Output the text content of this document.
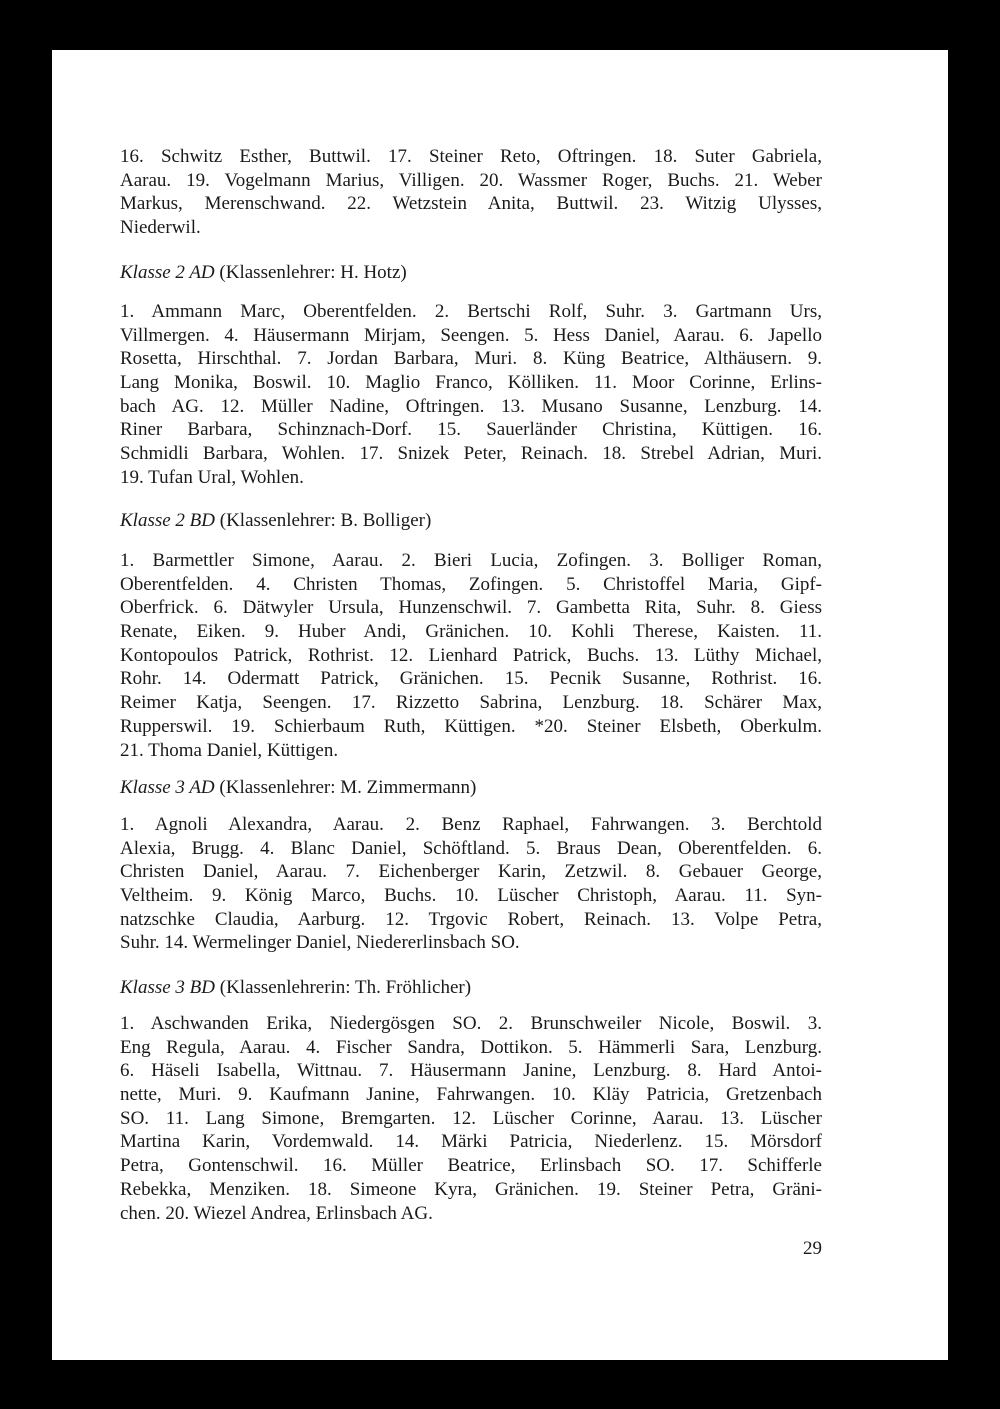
16. Schwitz Esther, Buttwil. 17. Steiner Reto, Oftringen. 18. Suter Gabriela,
Aarau. 19. Vogelmann Marius, Villigen. 20. Wassmer Roger, Buchs. 21. Weber
Markus, Merenschwand. 22. Wetzstein Anita, Buttwil. 23. Witzig Ulysses,
Niederwil.
Klasse 2 AD (Klassenlehrer: H. Hotz)
1. Ammann Marc, Oberentfelden. 2. Bertschi Rolf, Suhr. 3. Gartmann Urs,
Villmergen. 4. Häusermann Mirjam, Seengen. 5. Hess Daniel, Aarau. 6. Japello
Rosetta, Hirschthal. 7. Jordan Barbara, Muri. 8. Küng Beatrice, Althäusern. 9.
Lang Monika, Boswil. 10. Maglio Franco, Kölliken. 11. Moor Corinne, Erlins-
bach AG. 12. Müller Nadine, Oftringen. 13. Musano Susanne, Lenzburg. 14.
Riner Barbara, Schinznach-Dorf. 15. Sauerländer Christina, Küttigen. 16.
Schmidli Barbara, Wohlen. 17. Snizek Peter, Reinach. 18. Strebel Adrian, Muri.
19. Tufan Ural, Wohlen.
Klasse 2 BD (Klassenlehrer: B. Bolliger)
1. Barmettler Simone, Aarau. 2. Bieri Lucia, Zofingen. 3. Bolliger Roman,
Oberentfelden. 4. Christen Thomas, Zofingen. 5. Christoffel Maria, Gipf-
Oberfrick. 6. Dätwyler Ursula, Hunzenschwil. 7. Gambetta Rita, Suhr. 8. Giess
Renate, Eiken. 9. Huber Andi, Gränichen. 10. Kohli Therese, Kaisten. 11.
Kontopoulos Patrick, Rothrist. 12. Lienhard Patrick, Buchs. 13. Lüthy Michael,
Rohr. 14. Odermatt Patrick, Gränichen. 15. Pecnik Susanne, Rothrist. 16.
Reimer Katja, Seengen. 17. Rizzetto Sabrina, Lenzburg. 18. Schärer Max,
Rupperswil. 19. Schierbaum Ruth, Küttigen. *20. Steiner Elsbeth, Oberkulm.
21. Thoma Daniel, Küttigen.
Klasse 3 AD (Klassenlehrer: M. Zimmermann)
1. Agnoli Alexandra, Aarau. 2. Benz Raphael, Fahrwangen. 3. Berchtold
Alexia, Brugg. 4. Blanc Daniel, Schöftland. 5. Braus Dean, Oberentfelden. 6.
Christen Daniel, Aarau. 7. Eichenberger Karin, Zetzwil. 8. Gebauer George,
Veltheim. 9. König Marco, Buchs. 10. Lüscher Christoph, Aarau. 11. Syn-
natzschke Claudia, Aarburg. 12. Trgovic Robert, Reinach. 13. Volpe Petra,
Suhr. 14. Wermelinger Daniel, Niedererlinsbach SO.
Klasse 3 BD (Klassenlehrerin: Th. Fröhlicher)
1. Aschwanden Erika, Niedergösgen SO. 2. Brunschweiler Nicole, Boswil. 3.
Eng Regula, Aarau. 4. Fischer Sandra, Dottikon. 5. Hämmerli Sara, Lenzburg.
6. Häseli Isabella, Wittnau. 7. Häusermann Janine, Lenzburg. 8. Hard Antoi-
nette, Muri. 9. Kaufmann Janine, Fahrwangen. 10. Kläy Patricia, Gretzenbach
SO. 11. Lang Simone, Bremgarten. 12. Lüscher Corinne, Aarau. 13. Lüscher
Martina Karin, Vordemwald. 14. Märki Patricia, Niederlenz. 15. Mörsdorf
Petra, Gontenschwil. 16. Müller Beatrice, Erlinsbach SO. 17. Schifferle
Rebekka, Menziken. 18. Simeone Kyra, Gränichen. 19. Steiner Petra, Gräni-
chen. 20. Wiezel Andrea, Erlinsbach AG.
29
